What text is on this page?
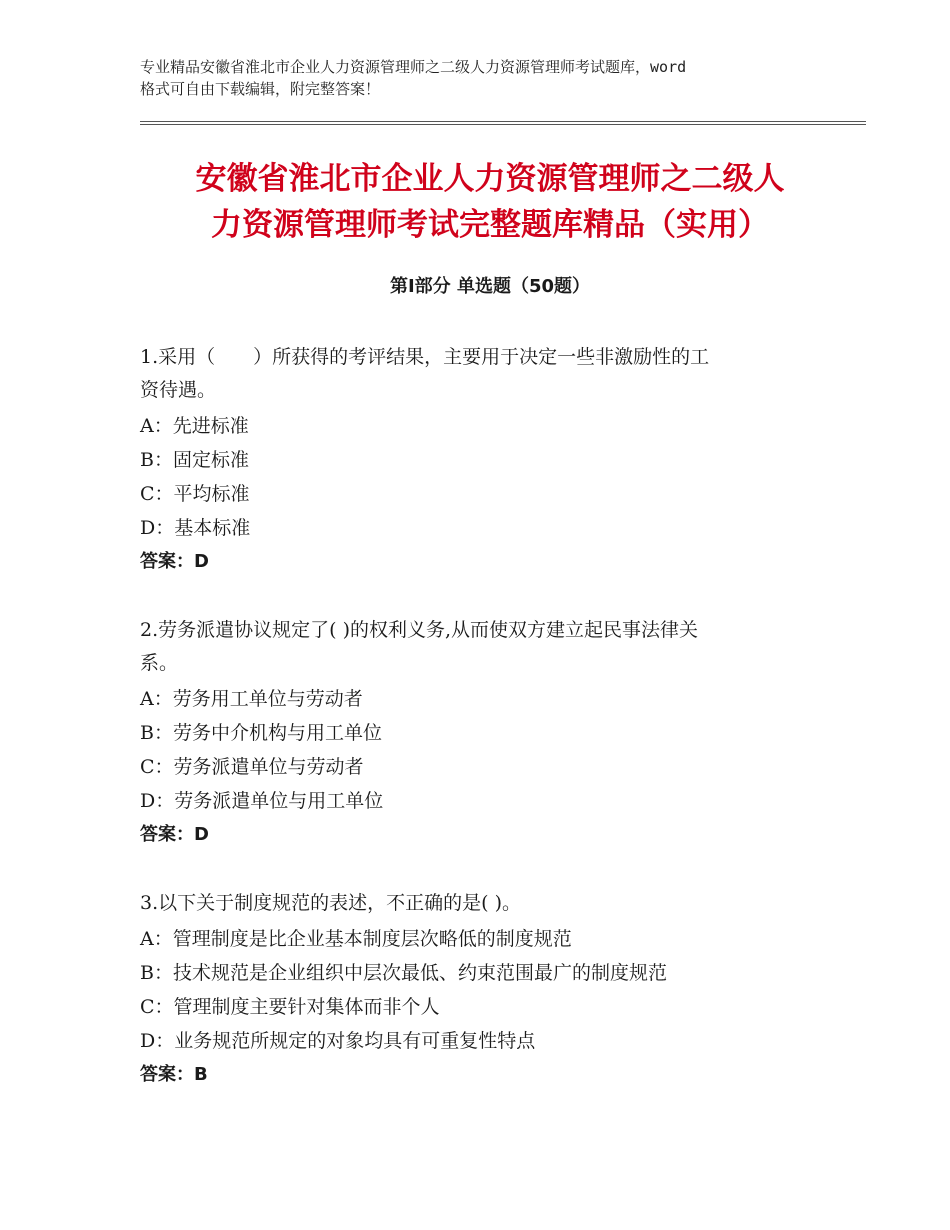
专业精品安徽省淮北市企业人力资源管理师之二级人力资源管理师考试题库，word
格式可自由下载编辑，附完整答案！
安徽省淮北市企业人力资源管理师之二级人
力资源管理师考试完整题库精品（实用）
第Ⅰ部分 单选题（50题）
1.采用（　　）所获得的考评结果，主要用于决定一些非激励性的工
资待遇。
A：先进标准
B：固定标准
C：平均标准
D：基本标准
答案：D
2.劳务派遣协议规定了( )的权利义务,从而使双方建立起民事法律关
系。
A：劳务用工单位与劳动者
B：劳务中介机构与用工单位
C：劳务派遣单位与劳动者
D：劳务派遣单位与用工单位
答案：D
3.以下关于制度规范的表述，不正确的是( )。
A：管理制度是比企业基本制度层次略低的制度规范
B：技术规范是企业组织中层次最低、约束范围最广的制度规范
C：管理制度主要针对集体而非个人
D：业务规范所规定的对象均具有可重复性特点
答案：B
